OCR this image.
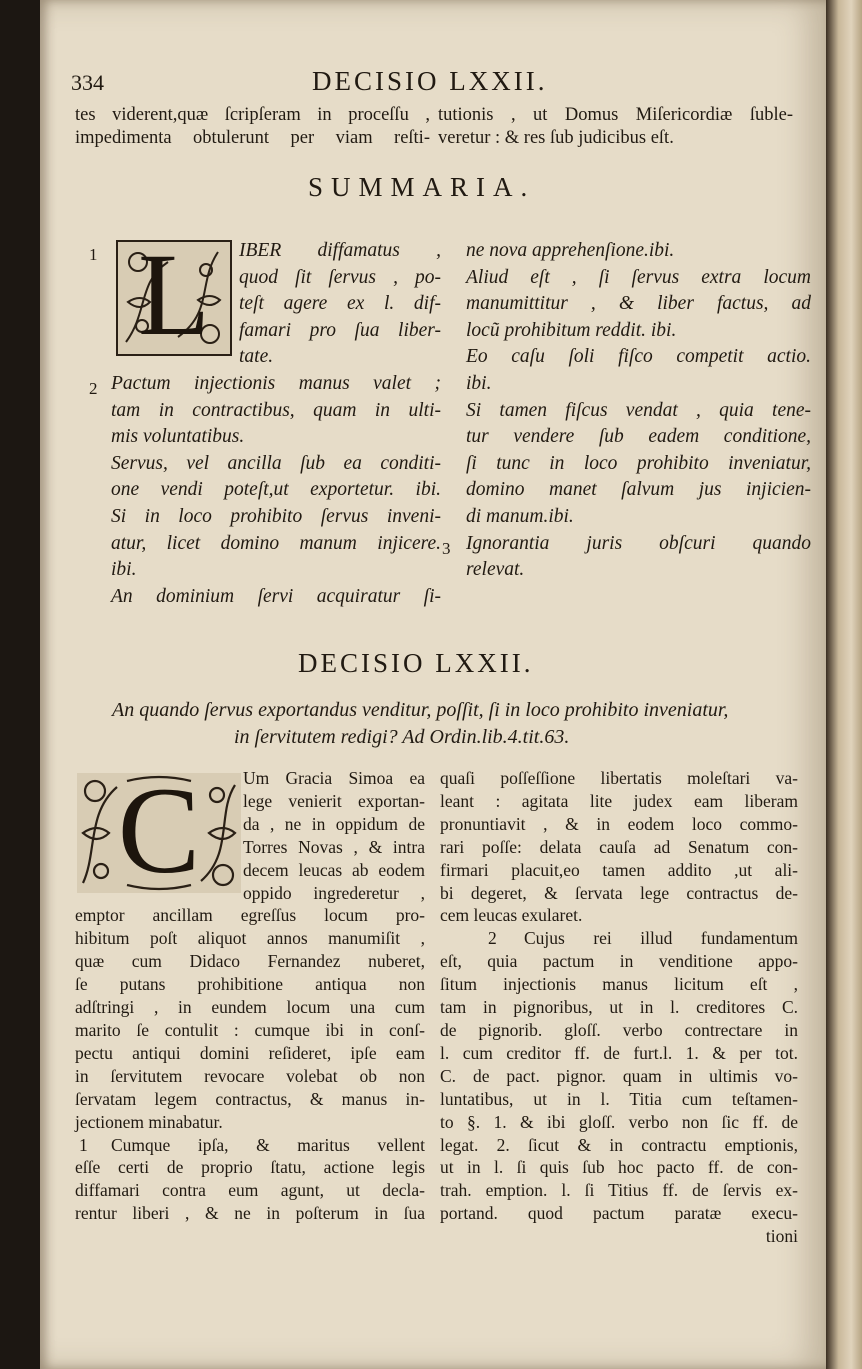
334	DECISIO LXXII.
tes viderent,quæ ſcripſeram in proceſſu ,
impedimenta obtulerunt per viam reſti-
tutionis , ut Domus Miſericordiæ ſuble-
veretur : & res ſub judicibus eſt.
SUMMARIA.
L
1	IBER diffamatus ,
quod ſit ſervus , po-
teſt agere ex l. dif-
famari pro ſua liber-
tate.
2 Pactum injectionis manus valet ;
tam in contractibus, quam in ulti-
mis voluntatibus.
Servus, vel ancilla ſub ea conditi-
one vendi poteſt,ut exportetur. ibi.
Si in loco prohibito ſervus inveni-
atur, licet domino manum injicere.
ibi.
An dominium ſervi acquiratur ſi-
ne nova apprehenſione.ibi.
Aliud eſt , ſi ſervus extra locum
manumittitur , & liber factus, ad
locũ prohibitum reddit. ibi.
Eo caſu ſoli fiſco competit actio.
ibi.
Si tamen fiſcus vendat , quia tene-
tur vendere ſub eadem conditione,
ſi tunc in loco prohibito inveniatur,
domino manet ſalvum jus injicien-
di manum.ibi.
3 Ignorantia juris obſcuri quando
relevat.
DECISIO LXXII.
An quando ſervus exportandus venditur, poſſit, ſi in loco prohibito inveniatur,
in ſervitutem redigi? Ad Ordin.lib.4.tit.63.
C	Um Gracia Simoa ea
lege venierit exportan-
da , ne in oppidum de
Torres Novas , & intra
decem leucas ab eodem
oppido ingrederetur ,
emptor ancillam egreſſus locum pro-
hibitum poſt aliquot annos manumiſit ,
quæ cum Didaco Fernandez nuberet,
ſe putans prohibitione antiqua non
adſtringi , in eundem locum una cum
marito ſe contulit : cumque ibi in conſ-
pectu antiqui domini reſideret, ipſe eam
in ſervitutem revocare volebat ob non
ſervatam legem contractus, & manus in-
jectionem minabatur.
1	Cumque ipſa, & maritus vellent
eſſe certi de proprio ſtatu, actione legis
diffamari contra eum agunt, ut decla-
rentur liberi , & ne in poſterum in ſua
quaſi poſſeſſione libertatis moleſtari va-
leant : agitata lite judex eam liberam
pronuntiavit , & in eodem loco commo-
rari poſſe: delata cauſa ad Senatum con-
firmari placuit,eo tamen addito ,ut ali-
bi degeret, & ſervata lege contractus de-
cem leucas exularet.
2	Cujus rei illud fundamentum
eſt, quia pactum in venditione appo-
ſitum injectionis manus licitum eſt ,
tam in pignoribus, ut in l. creditores C.
de pignorib. gloſſ. verbo contrectare in
l. cum creditor ff. de furt.l. 1. & per tot.
C. de pact. pignor. quam in ultimis vo-
luntatibus, ut in l. Titia cum teſtamen-
to §. 1. & ibi gloſſ. verbo non ſic ff. de
legat. 2. ſicut & in contractu emptionis,
ut in l. ſi quis ſub hoc pacto ff. de con-
trah. emption. l. ſi Titius ff. de ſervis ex-
portand. quod pactum paratæ execu-
tioni
